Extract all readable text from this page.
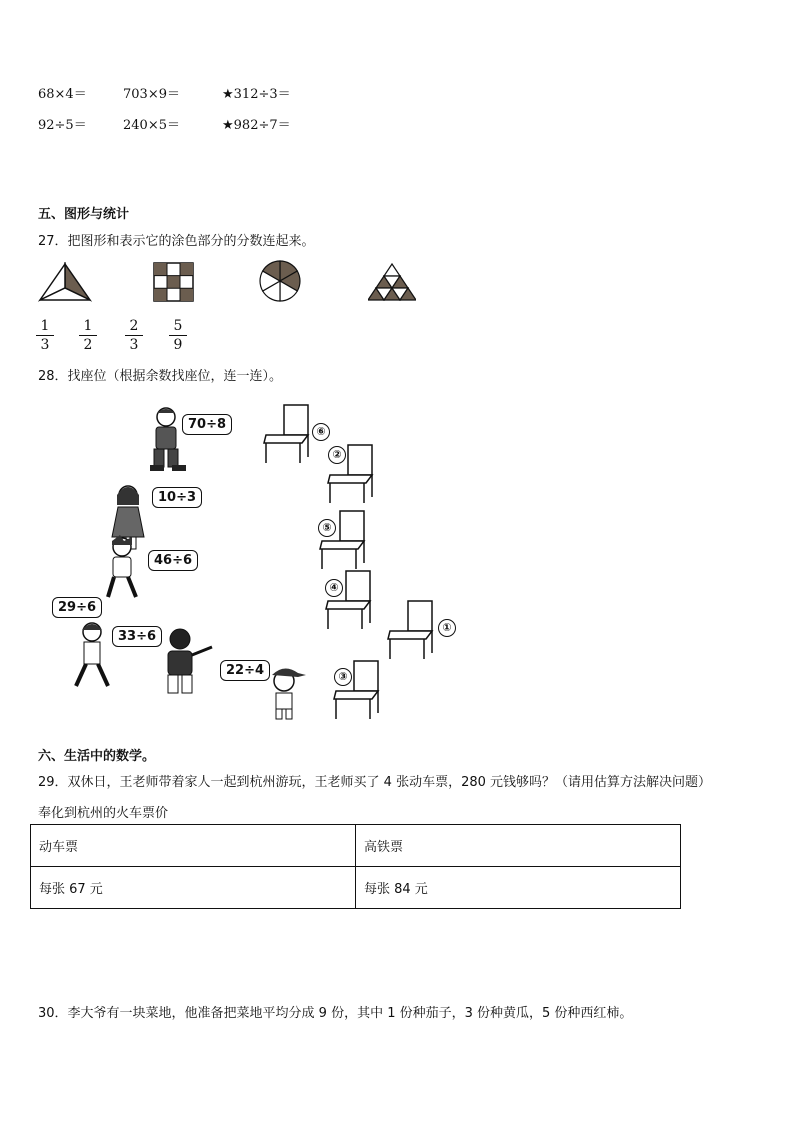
68×4＝	703×9＝	★312÷3＝
92÷5＝	240×5＝	★982÷7＝
五、图形与统计
27．把图形和表示它的涂色部分的分数连起来。
1
3
1
2
2
3
5
9
28．找座位（根据余数找座位，连一连）。
70÷8
10÷3
46÷6
29÷6
33÷6
22÷4
⑥
②
⑤
④
①
③
六、生活中的数学。
29．双休日，王老师带着家人一起到杭州游玩，王老师买了 4 张动车票，280 元钱够吗？（请用估算方法解决问题）
奉化到杭州的火车票价
动车票	高铁票
每张 67 元	每张 84 元
30．李大爷有一块菜地，他准备把菜地平均分成 9 份，其中 1 份种茄子，3 份种黄瓜，5 份种西红柿。
